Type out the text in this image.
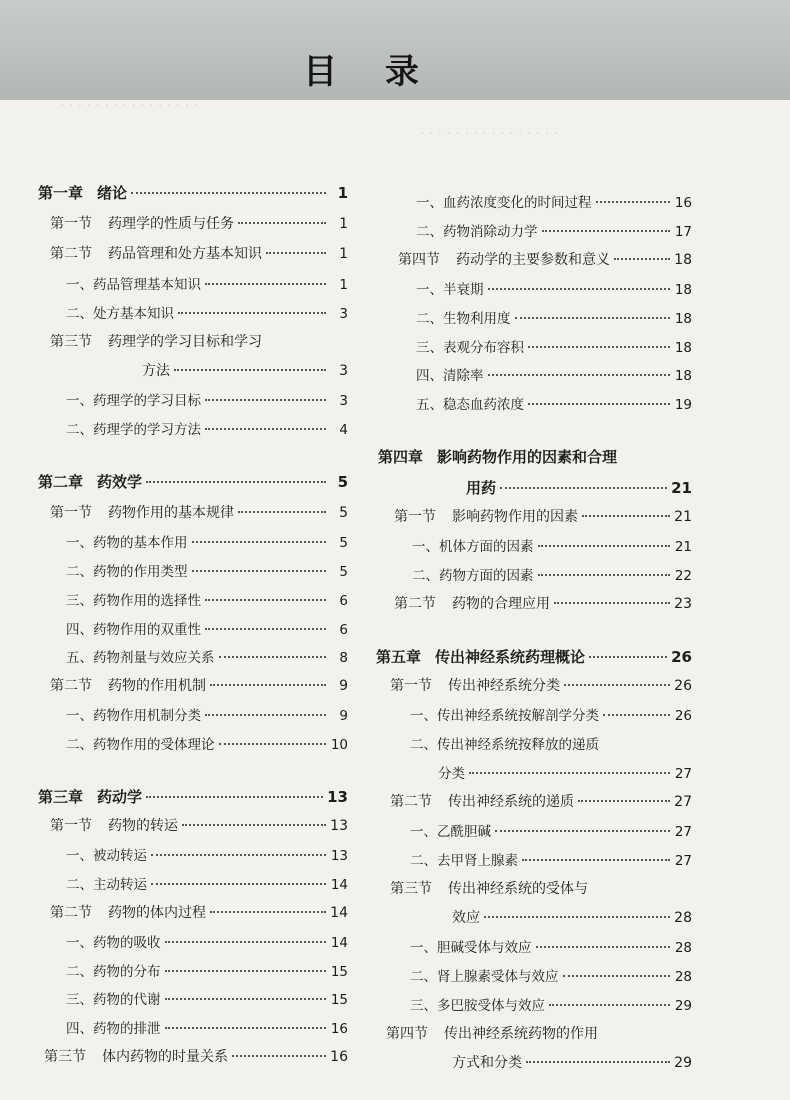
目 录
· · · · · · · · · · · · · · · ·
· · · · · · · · · · · · · · · ·
第一章 绪论	1
第一节 药理学的性质与任务	1
第二节 药品管理和处方基本知识	1
一、药品管理基本知识	1
二、处方基本知识	3
第三节 药理学的学习目标和学习
方法	3
一、药理学的学习目标	3
二、药理学的学习方法	4
第二章 药效学	5
第一节 药物作用的基本规律	5
一、药物的基本作用	5
二、药物的作用类型	5
三、药物作用的选择性	6
四、药物作用的双重性	6
五、药物剂量与效应关系	8
第二节 药物的作用机制	9
一、药物作用机制分类	9
二、药物作用的受体理论	10
第三章 药动学	13
第一节 药物的转运	13
一、被动转运	13
二、主动转运	14
第二节 药物的体内过程	14
一、药物的吸收	14
二、药物的分布	15
三、药物的代谢	15
四、药物的排泄	16
第三节 体内药物的时量关系	16
一、血药浓度变化的时间过程	16
二、药物消除动力学	17
第四节 药动学的主要参数和意义	18
一、半衰期	18
二、生物利用度	18
三、表观分布容积	18
四、清除率	18
五、稳态血药浓度	19
第四章 影响药物作用的因素和合理
用药	21
第一节 影响药物作用的因素	21
一、机体方面的因素	21
二、药物方面的因素	22
第二节 药物的合理应用	23
第五章 传出神经系统药理概论	26
第一节 传出神经系统分类	26
一、传出神经系统按解剖学分类	26
二、传出神经系统按释放的递质
分类	27
第二节 传出神经系统的递质	27
一、乙酰胆碱	27
二、去甲肾上腺素	27
第三节 传出神经系统的受体与
效应	28
一、胆碱受体与效应	28
二、肾上腺素受体与效应	28
三、多巴胺受体与效应	29
第四节 传出神经系统药物的作用
方式和分类	29
